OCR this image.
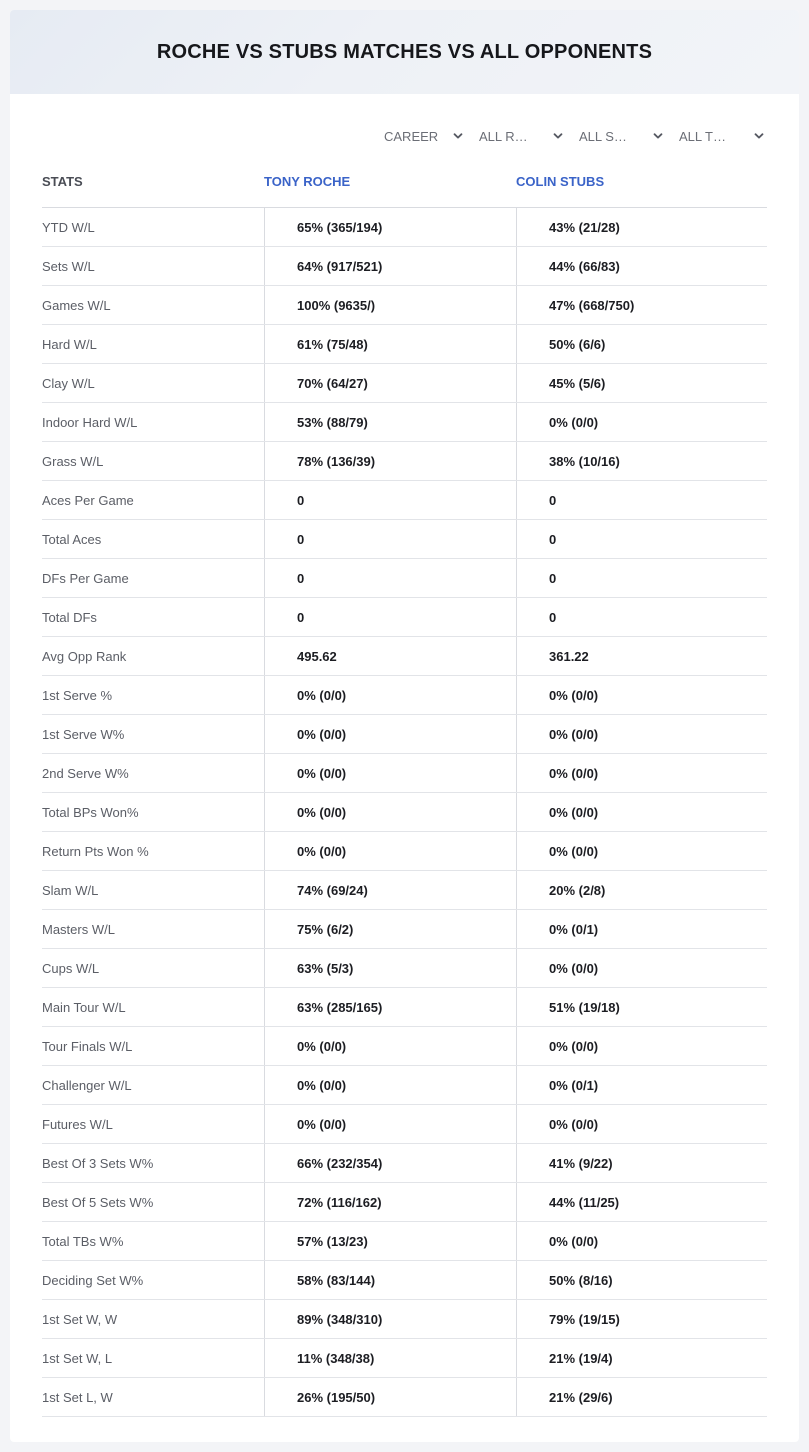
ROCHE VS STUBS MATCHES VS ALL OPPONENTS
CAREER	ALL R…	ALL S…	ALL T…
STATS	TONY ROCHE	COLIN STUBS
YTD W/L	65% (365/194)	43% (21/28)
Sets W/L	64% (917/521)	44% (66/83)
Games W/L	100% (9635/)	47% (668/750)
Hard W/L	61% (75/48)	50% (6/6)
Clay W/L	70% (64/27)	45% (5/6)
Indoor Hard W/L	53% (88/79)	0% (0/0)
Grass W/L	78% (136/39)	38% (10/16)
Aces Per Game	0	0
Total Aces	0	0
DFs Per Game	0	0
Total DFs	0	0
Avg Opp Rank	495.62	361.22
1st Serve %	0% (0/0)	0% (0/0)
1st Serve W%	0% (0/0)	0% (0/0)
2nd Serve W%	0% (0/0)	0% (0/0)
Total BPs Won%	0% (0/0)	0% (0/0)
Return Pts Won %	0% (0/0)	0% (0/0)
Slam W/L	74% (69/24)	20% (2/8)
Masters W/L	75% (6/2)	0% (0/1)
Cups W/L	63% (5/3)	0% (0/0)
Main Tour W/L	63% (285/165)	51% (19/18)
Tour Finals W/L	0% (0/0)	0% (0/0)
Challenger W/L	0% (0/0)	0% (0/1)
Futures W/L	0% (0/0)	0% (0/0)
Best Of 3 Sets W%	66% (232/354)	41% (9/22)
Best Of 5 Sets W%	72% (116/162)	44% (11/25)
Total TBs W%	57% (13/23)	0% (0/0)
Deciding Set W%	58% (83/144)	50% (8/16)
1st Set W, W	89% (348/310)	79% (19/15)
1st Set W, L	11% (348/38)	21% (19/4)
1st Set L, W	26% (195/50)	21% (29/6)
